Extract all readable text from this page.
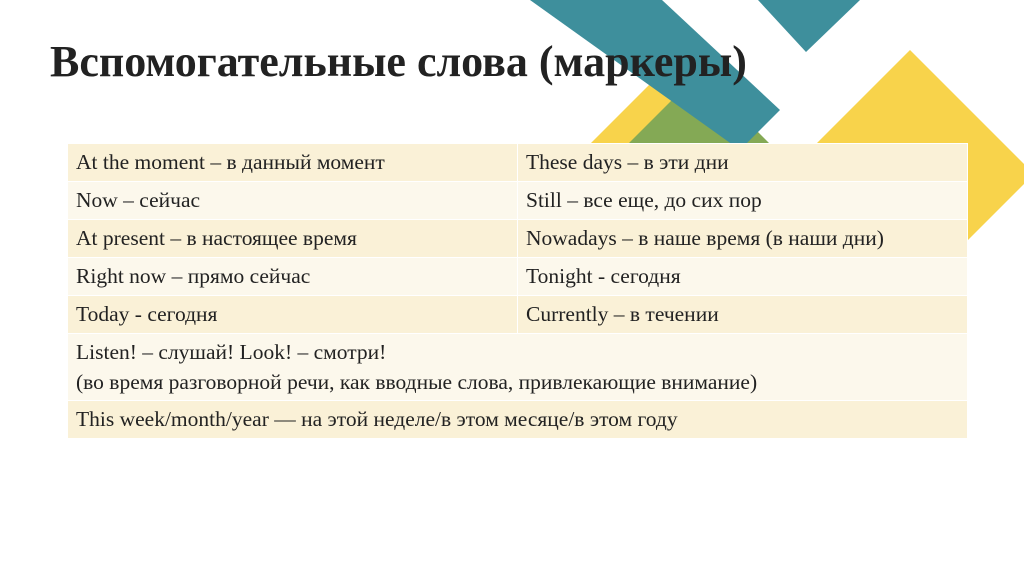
Вспомогательные слова (маркеры)
At the moment – в данный момент	These days – в эти дни
Now – сейчас	Still – все еще, до сих пор
At present – в настоящее время	Nowadays – в наше время (в наши дни)
Right now – прямо сейчас	Tonight - сегодня
Today - сегодня	Currently – в течении

Listen! – слушай! Look! – смотри!
(во время разговорной речи, как вводные слова, привлекающие внимание)	

This week/month/year — на этой неделе/в этом месяце/в этом году	
